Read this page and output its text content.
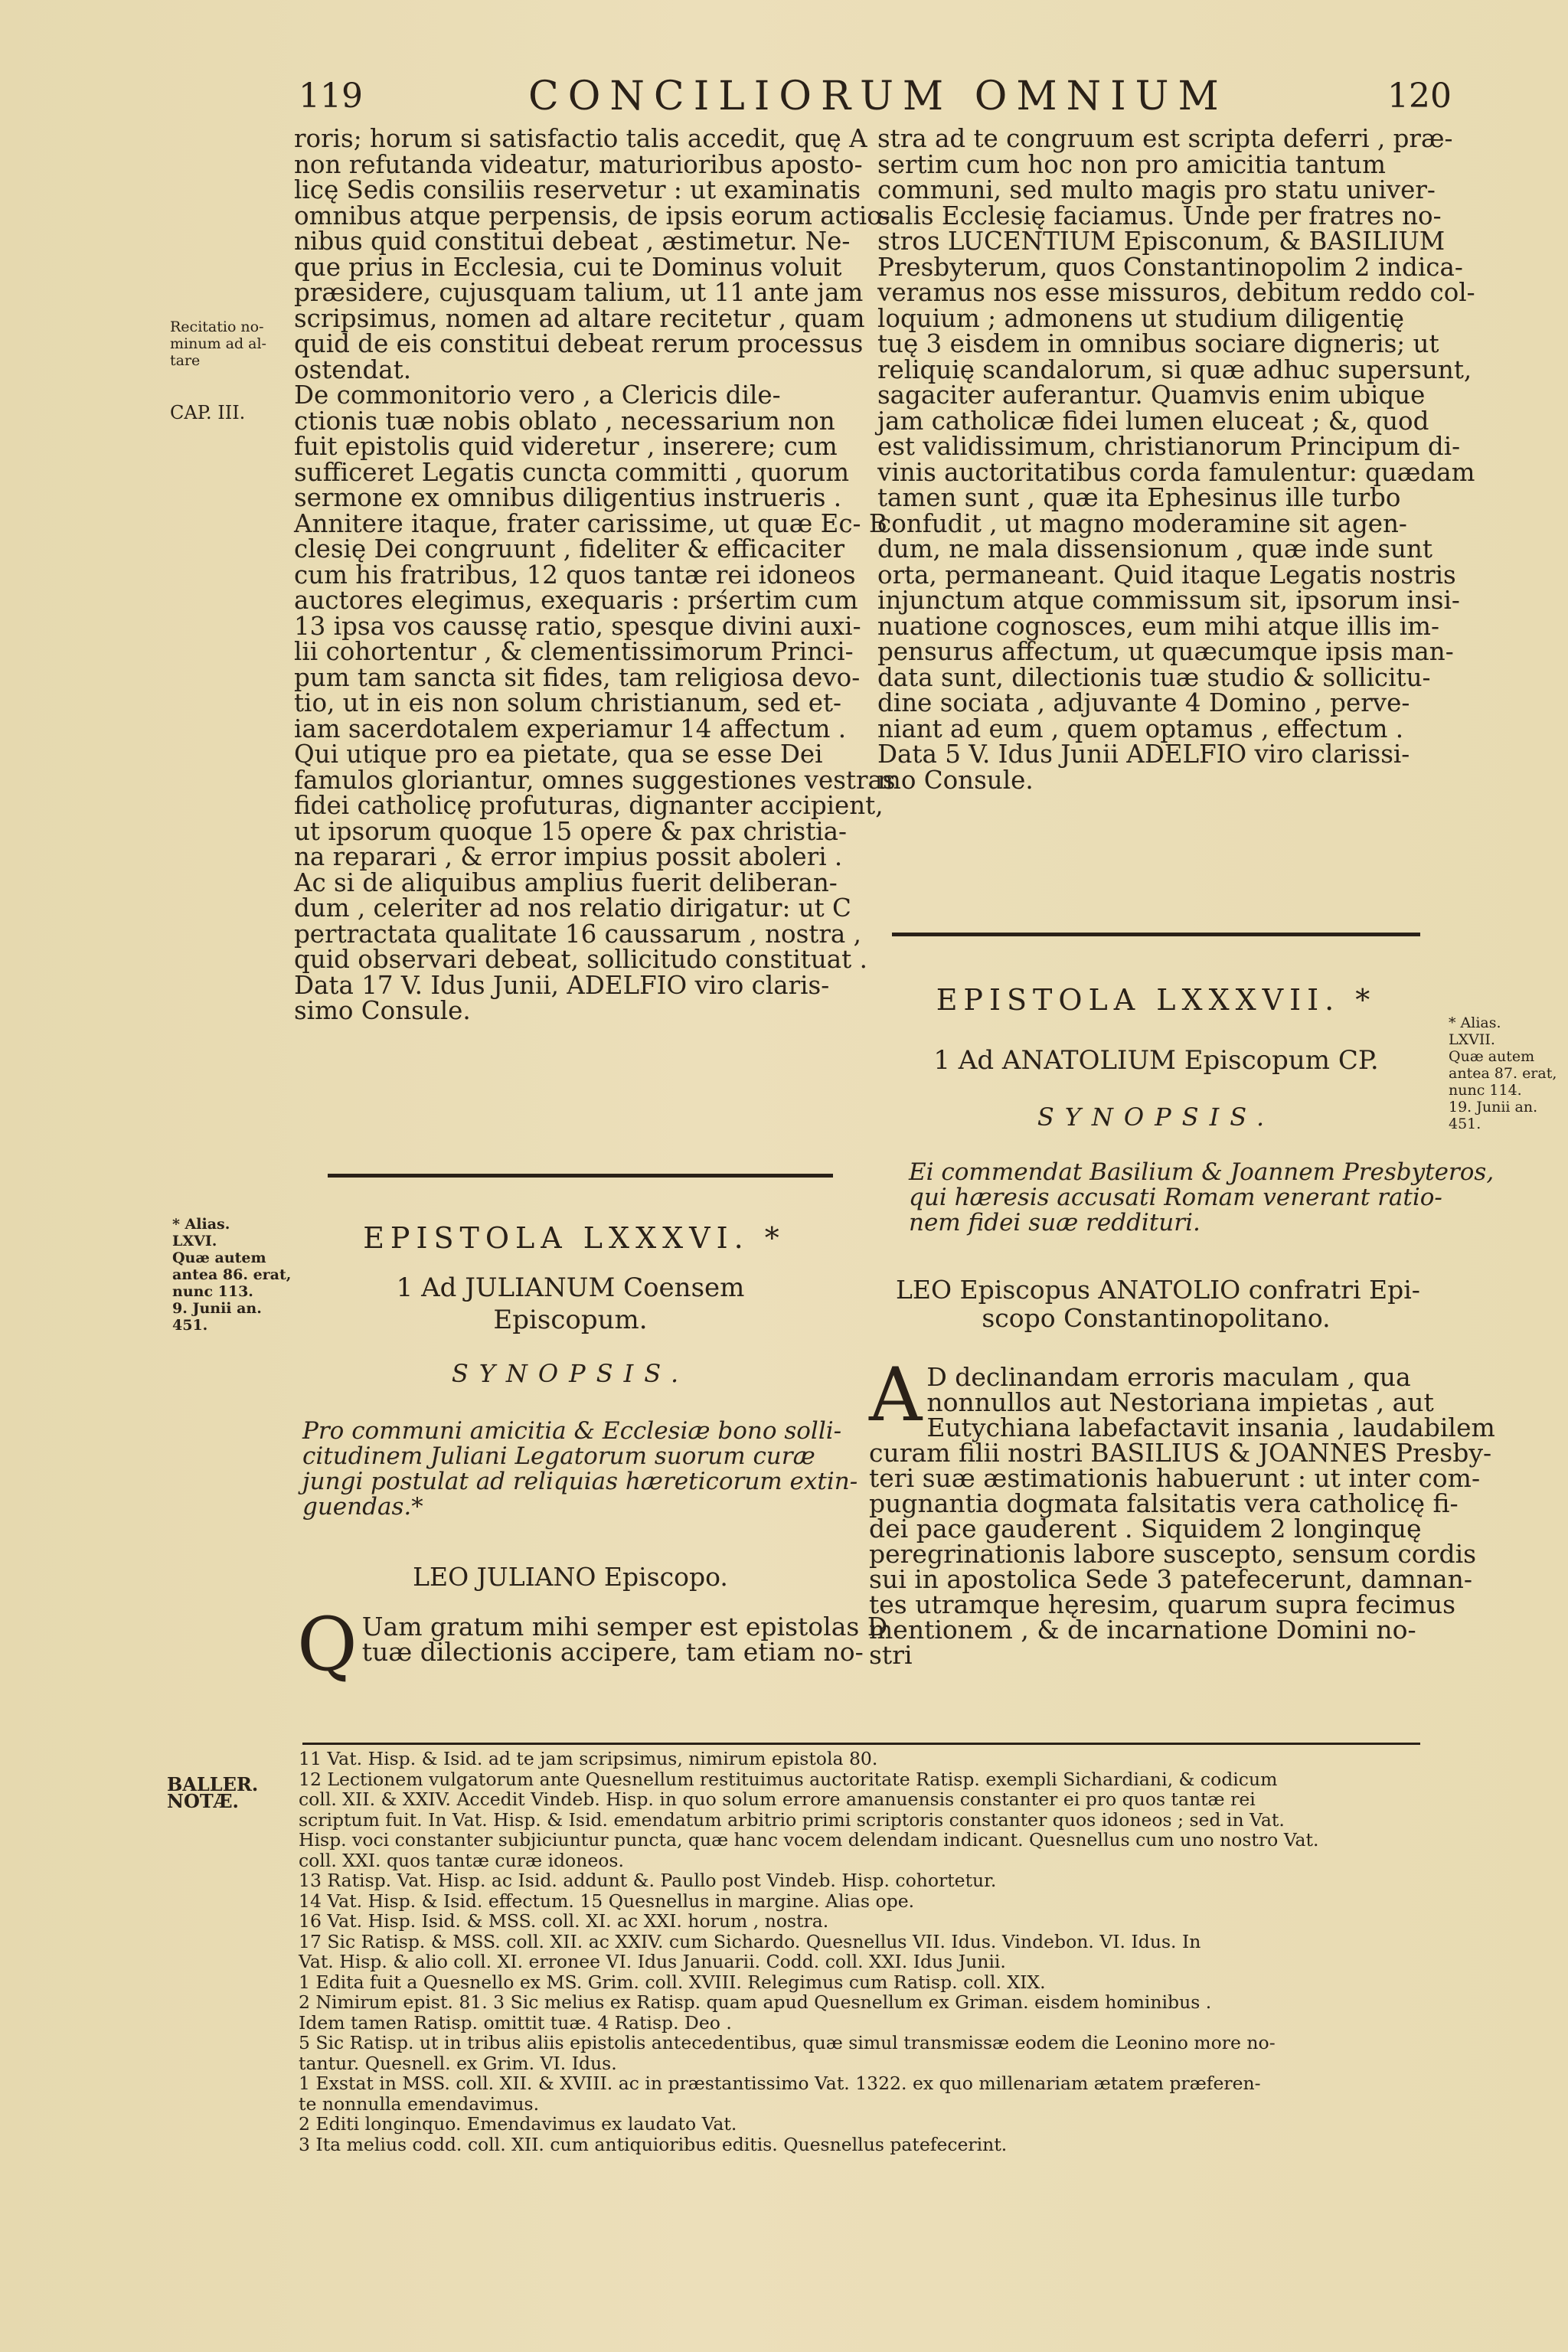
119	CONCILIORUM OMNIUM	120

roris; horum si satisfactio talis accedit, quę A

non refutanda videatur, maturioribus aposto-

licę Sedis consiliis reservetur : ut examinatis

omnibus atque perpensis, de ipsis eorum actio-

nibus quid constitui debeat , æstimetur. Ne-

que prius in Ecclesia, cui te Dominus voluit

præsidere, cujusquam talium, ut 11 ante jam

scripsimus, nomen ad altare recitetur , quam

quid de eis constitui debeat rerum processus

ostendat.

De commonitorio vero , a Clericis dile-

ctionis tuæ nobis oblato , necessarium non

fuit epistolis quid videretur , inserere; cum

sufficeret Legatis cuncta committi , quorum

sermone ex omnibus diligentius instrueris .

Annitere itaque, frater carissime, ut quæ Ec- B

clesię Dei congruunt , fideliter & efficaciter

cum his fratribus, 12 quos tantæ rei idoneos

auctores elegimus, exequaris : prśertim cum

13 ipsa vos caussę ratio, spesque divini auxi-

lii cohortentur , & clementissimorum Princi-

pum tam sancta sit fides, tam religiosa devo-

tio, ut in eis non solum christianum, sed et-

iam sacerdotalem experiamur 14 affectum .

Qui utique pro ea pietate, qua se esse Dei

famulos gloriantur, omnes suggestiones vestras

fidei catholicę profuturas, dignanter accipient,

ut ipsorum quoque 15 opere & pax christia-

na reparari , & error impius possit aboleri .

Ac si de aliquibus amplius fuerit deliberan-

dum , celeriter ad nos relatio dirigatur: ut C

pertractata qualitate 16 caussarum , nostra ,

quid observari debeat, sollicitudo constituat .

Data 17 V. Idus Junii, ADELFIO viro claris-

simo Consule.

stra ad te congruum est scripta deferri , præ-

sertim cum hoc non pro amicitia tantum

communi, sed multo magis pro statu univer-

salis Ecclesię faciamus. Unde per fratres no-

stros LUCENTIUM Episconum, & BASILIUM

Presbyterum, quos Constantinopolim 2 indica-

veramus nos esse missuros, debitum reddo col-

loquium ; admonens ut studium diligentię

tuę 3 eisdem in omnibus sociare digneris; ut

reliquię scandalorum, si quæ adhuc supersunt,

sagaciter auferantur. Quamvis enim ubique

jam catholicæ fidei lumen eluceat ; &, quod

est validissimum, christianorum Principum di-

vinis auctoritatibus corda famulentur: quædam

tamen sunt , quæ ita Ephesinus ille turbo

confudit , ut magno moderamine sit agen-

dum, ne mala dissensionum , quæ inde sunt

orta, permaneant. Quid itaque Legatis nostris

injunctum atque commissum sit, ipsorum insi-

nuatione cognosces, eum mihi atque illis im-

pensurus affectum, ut quæcumque ipsis man-

data sunt, dilectionis tuæ studio & sollicitu-

dine sociata , adjuvante 4 Domino , perve-

niant ad eum , quem optamus , effectum .

Data 5 V. Idus Junii ADELFIO viro clarissi-

mo Consule.

Recitatio no-

minum ad al-

tare

CAP. III.

* Alias.

LXVI.

Quæ autem

antea 86. erat,

nunc 113.

9. Junii an.

451.

* Alias.

LXVII.

Quæ autem

antea 87. erat,

nunc 114.

19. Junii an.

451.

BALLER.

NOTÆ.

EPISTOLA LXXXVI. *
1 Ad JULIANUM Coensem
Episcopum.
SYNOPSIS.

Pro communi amicitia & Ecclesiæ bono solli-

citudinem Juliani Legatorum suorum curæ

jungi postulat ad reliquias hæreticorum extin-

guendas.*

LEO JULIANO Episcopo.
Q Uam gratum mihi semper est epistolas D

tuæ dilectionis accipere, tam etiam no-

EPISTOLA LXXXVII. *
1 Ad ANATOLIUM Episcopum CP.
SYNOPSIS.

Ei commendat Basilium & Joannem Presbyteros,

qui hæresis accusati Romam venerant ratio-

nem fidei suæ reddituri.

LEO Episcopus ANATOLIO confratri Epi-
scopo Constantinopolitano.
A D declinandam erroris maculam , qua

nonnullos aut Nestoriana impietas , aut

Eutychiana labefactavit insania , laudabilem

curam filii nostri BASILIUS & JOANNES Presby-

teri suæ æstimationis habuerunt : ut inter com-

pugnantia dogmata falsitatis vera catholicę fi-

dei pace gauderent . Siquidem 2 longinquę

peregrinationis labore suscepto, sensum cordis

sui in apostolica Sede 3 patefecerunt, damnan-

tes utramque hęresim, quarum supra fecimus

mentionem , & de incarnatione Domini no-

stri

11 Vat. Hisp. & Isid. ad te jam scripsimus, nimirum epistola 80.

12 Lectionem vulgatorum ante Quesnellum restituimus auctoritate Ratisp. exempli Sichardiani, & codicum

coll. XII. & XXIV. Accedit Vindeb. Hisp. in quo solum errore amanuensis constanter ei pro quos tantæ rei

scriptum fuit. In Vat. Hisp. & Isid. emendatum arbitrio primi scriptoris constanter quos idoneos ; sed in Vat.

Hisp. voci constanter subjiciuntur puncta, quæ hanc vocem delendam indicant. Quesnellus cum uno nostro Vat.

coll. XXI. quos tantæ curæ idoneos.

13 Ratisp. Vat. Hisp. ac Isid. addunt &. Paullo post Vindeb. Hisp. cohortetur.

14 Vat. Hisp. & Isid. effectum. 15 Quesnellus in margine. Alias ope.

16 Vat. Hisp. Isid. & MSS. coll. XI. ac XXI. horum , nostra.

17 Sic Ratisp. & MSS. coll. XII. ac XXIV. cum Sichardo. Quesnellus VII. Idus. Vindebon. VI. Idus. In

Vat. Hisp. & alio coll. XI. erronee VI. Idus Januarii. Codd. coll. XXI. Idus Junii.

1 Edita fuit a Quesnello ex MS. Grim. coll. XVIII. Relegimus cum Ratisp. coll. XIX.

2 Nimirum epist. 81. 3 Sic melius ex Ratisp. quam apud Quesnellum ex Griman. eisdem hominibus .

Idem tamen Ratisp. omittit tuæ. 4 Ratisp. Deo .

5 Sic Ratisp. ut in tribus aliis epistolis antecedentibus, quæ simul transmissæ eodem die Leonino more no-

tantur. Quesnell. ex Grim. VI. Idus.

1 Exstat in MSS. coll. XII. & XVIII. ac in præstantissimo Vat. 1322. ex quo millenariam ætatem præferen-

te nonnulla emendavimus.

2 Editi longinquo. Emendavimus ex laudato Vat.

3 Ita melius codd. coll. XII. cum antiquioribus editis. Quesnellus patefecerint.
